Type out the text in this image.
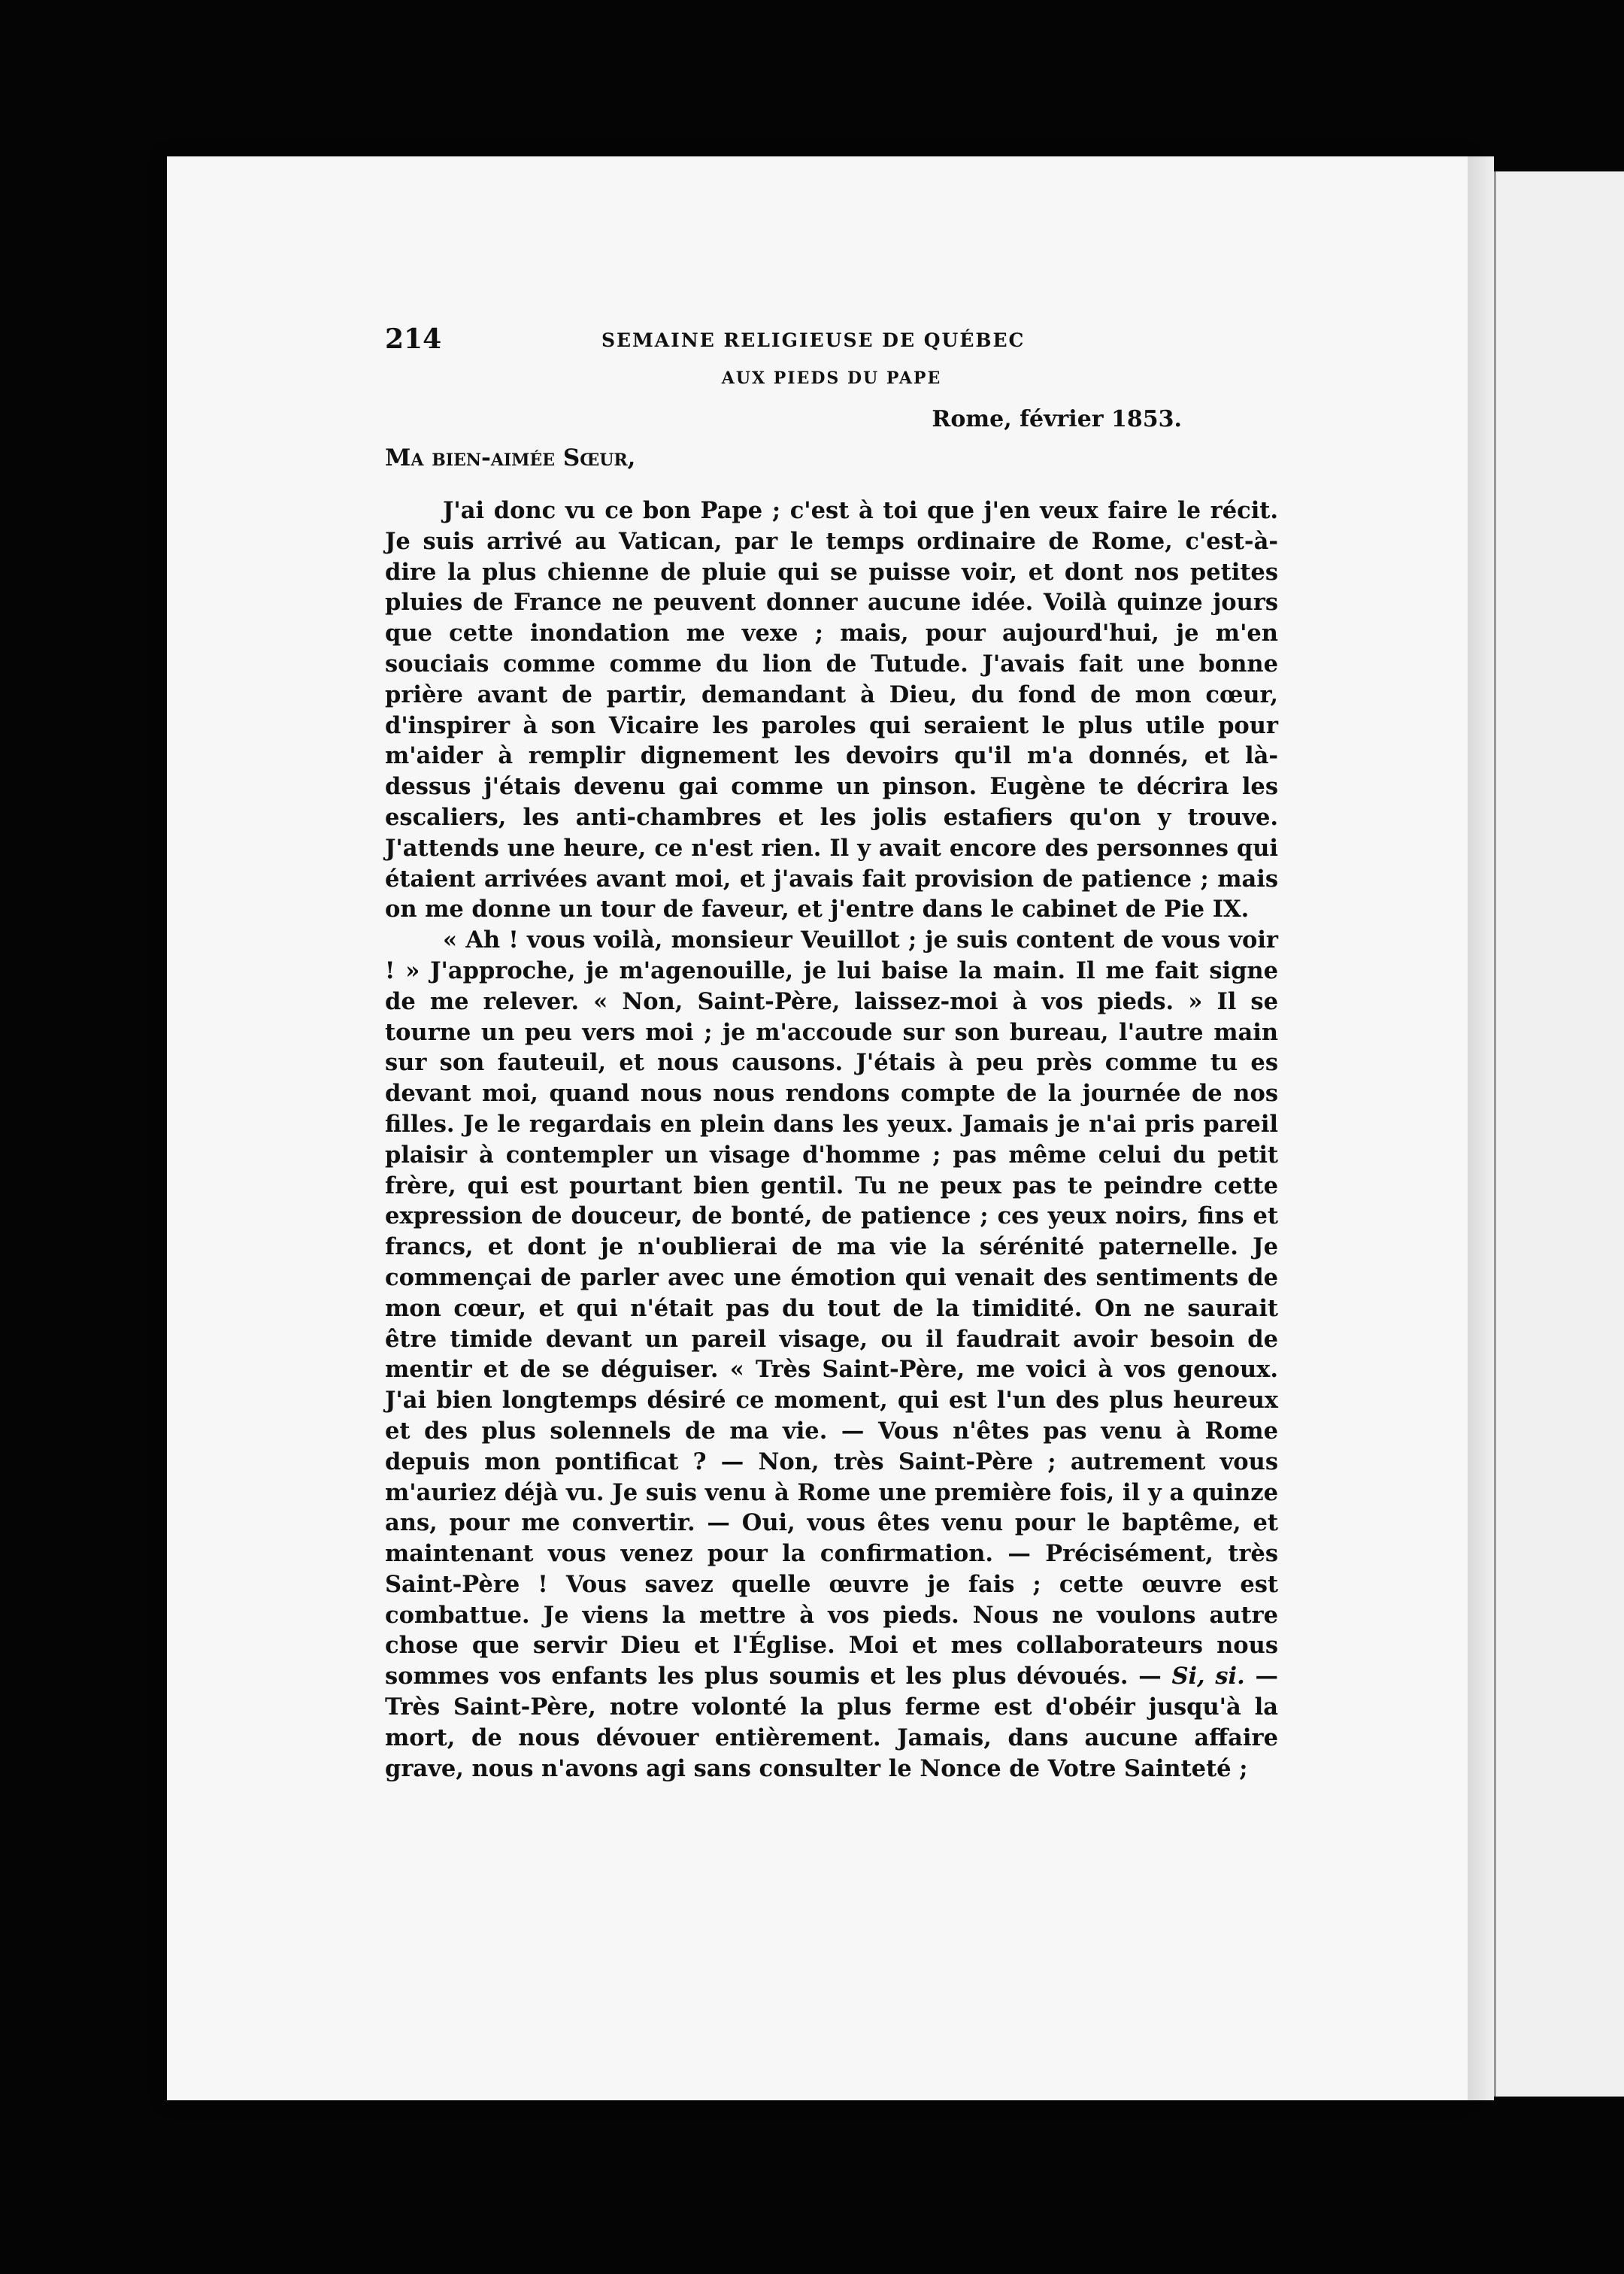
214	SEMAINE RELIGIEUSE DE QUÉBEC
AUX PIEDS DU PAPE
Rome, février 1853.
Ma bien-aimée Sœur,

J'ai donc vu ce bon Pape ; c'est à toi que j'en veux faire le récit. Je suis arrivé au Vatican, par le temps ordinaire de Rome, c'est-à-dire la plus chienne de pluie qui se puisse voir, et dont nos petites pluies de France ne peuvent donner aucune idée. Voilà quinze jours que cette inondation me vexe ; mais, pour aujourd'hui, je m'en souciais comme comme du lion de Tutude. J'avais fait une bonne prière avant de partir, demandant à Dieu, du fond de mon cœur, d'inspirer à son Vicaire les paroles qui seraient le plus utile pour m'aider à remplir dignement les devoirs qu'il m'a donnés, et là-dessus j'étais devenu gai comme un pinson. Eugène te décrira les escaliers, les anti-chambres et les jolis estafiers qu'on y trouve. J'attends une heure, ce n'est rien. Il y avait encore des personnes qui étaient arrivées avant moi, et j'avais fait provision de patience ; mais on me donne un tour de faveur, et j'entre dans le cabinet de Pie IX.

« Ah ! vous voilà, monsieur Veuillot ; je suis content de vous voir ! » J'approche, je m'agenouille, je lui baise la main. Il me fait signe de me relever. « Non, Saint-Père, laissez-moi à vos pieds. » Il se tourne un peu vers moi ; je m'accoude sur son bureau, l'autre main sur son fauteuil, et nous causons. J'étais à peu près comme tu es devant moi, quand nous nous rendons compte de la journée de nos filles. Je le regardais en plein dans les yeux. Jamais je n'ai pris pareil plaisir à contempler un visage d'homme ; pas même celui du petit frère, qui est pourtant bien gentil. Tu ne peux pas te peindre cette expression de douceur, de bonté, de patience ; ces yeux noirs, fins et francs, et dont je n'oublierai de ma vie la sérénité paternelle. Je commençai de parler avec une émotion qui venait des sentiments de mon cœur, et qui n'était pas du tout de la timidité. On ne saurait être timide devant un pareil visage, ou il faudrait avoir besoin de mentir et de se déguiser. « Très Saint-Père, me voici à vos genoux. J'ai bien longtemps désiré ce moment, qui est l'un des plus heureux et des plus solennels de ma vie. — Vous n'êtes pas venu à Rome depuis mon pontificat ? — Non, très Saint-Père ; autrement vous m'auriez déjà vu. Je suis venu à Rome une première fois, il y a quinze ans, pour me convertir. — Oui, vous êtes venu pour le baptême, et maintenant vous venez pour la confirmation. — Précisément, très Saint-Père ! Vous savez quelle œuvre je fais ; cette œuvre est combattue. Je viens la mettre à vos pieds. Nous ne voulons autre chose que servir Dieu et l'Église. Moi et mes collaborateurs nous sommes vos enfants les plus soumis et les plus dévoués. — Si, si. — Très Saint-Père, notre volonté la plus ferme est d'obéir jusqu'à la mort, de nous dévouer entièrement. Jamais, dans aucune affaire grave, nous n'avons agi sans consulter le Nonce de Votre Sainteté ;
